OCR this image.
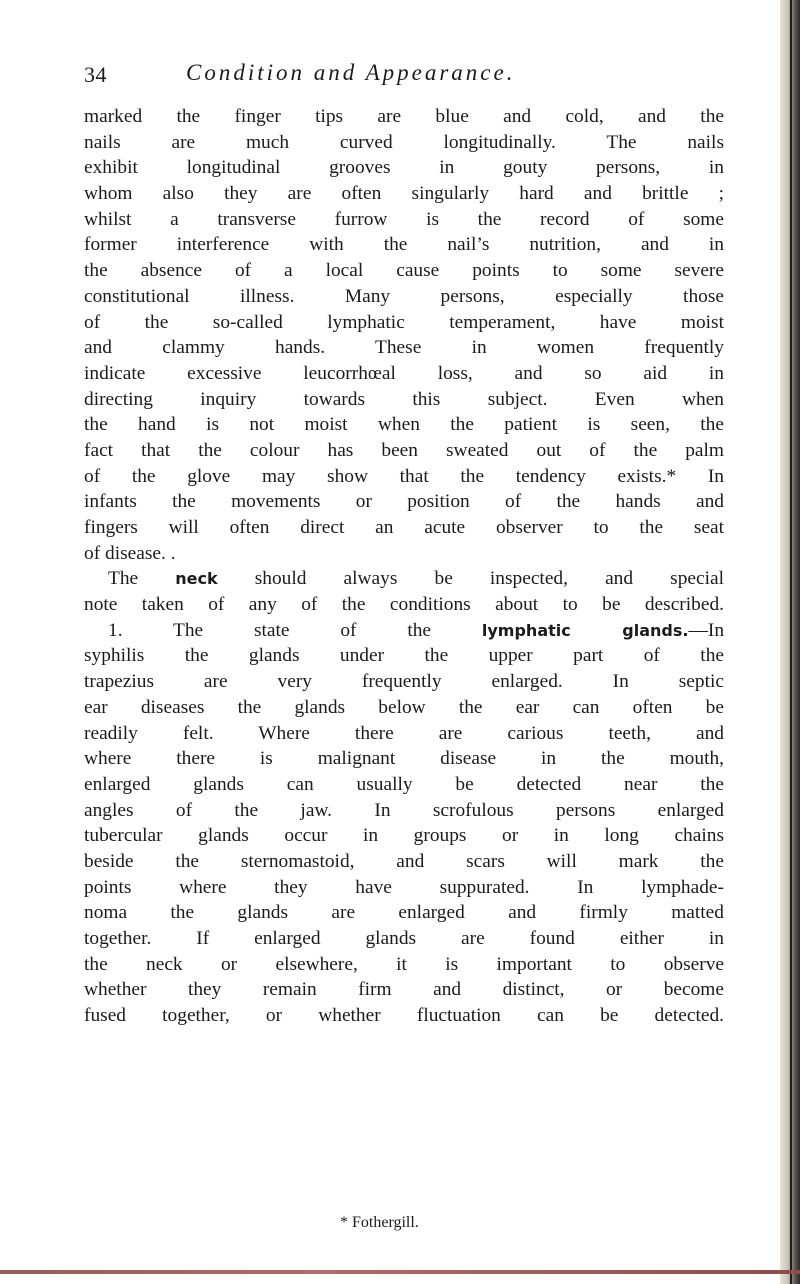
34	Condition and Appearance.
marked the finger tips are blue and cold, and the
nails are much curved longitudinally. The nails
exhibit longitudinal grooves in gouty persons, in
whom also they are often singularly hard and brittle ;
whilst a transverse furrow is the record of some
former interference with the nail’s nutrition, and in
the absence of a local cause points to some severe
constitutional illness. Many persons, especially those
of the so-called lymphatic temperament, have moist
and clammy hands. These in women frequently
indicate excessive leucorrhœal loss, and so aid in
directing inquiry towards this subject. Even when
the hand is not moist when the patient is seen, the
fact that the colour has been sweated out of the palm
of the glove may show that the tendency exists.* In
infants the movements or position of the hands and
fingers will often direct an acute observer to the seat
of disease. .
The neck should always be inspected, and special
note taken of any of the conditions about to be described.
1. The state of the	lymphatic glands.—In
syphilis the glands under the upper part of the
trapezius are very frequently enlarged. In septic
ear diseases the glands below the ear can often be
readily felt. Where there are carious teeth, and
where there is malignant disease in the mouth,
enlarged glands can usually be detected near the
angles of the jaw. In scrofulous persons enlarged
tubercular glands occur in groups or in long chains
beside the sternomastoid, and scars will mark the
points where they have suppurated. In lymphade-
noma the glands are enlarged and firmly matted
together. If enlarged glands are found either in
the neck or elsewhere, it is important to observe
whether they remain firm and distinct, or become
fused together, or whether fluctuation can be detected.
* Fothergill.
